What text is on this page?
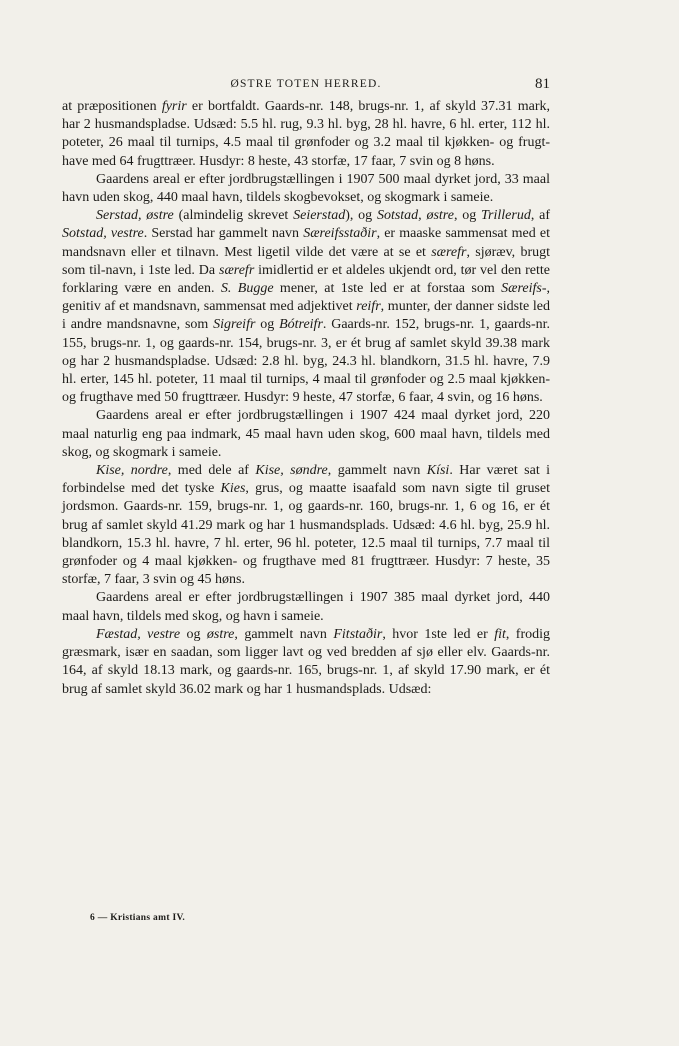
ØSTRE TOTEN HERRED.	81

at præpositionen fyrir er bortfaldt. Gaards-nr. 148, brugs-nr. 1, af skyld 37.31 mark, har 2 husmandspladse. Udsæd: 5.5 hl. rug, 9.3 hl. byg, 28 hl. havre, 6 hl. erter, 112 hl. poteter, 26 maal til turnips, 4.5 maal til grønfoder og 3.2 maal til kjøkken- og frugt-have med 64 frugttræer. Husdyr: 8 heste, 43 storfæ, 17 faar, 7 svin og 8 høns.

Gaardens areal er efter jordbrugstællingen i 1907 500 maal dyrket jord, 33 maal havn uden skog, 440 maal havn, tildels skogbevokset, og skogmark i sameie.

Serstad, østre (almindelig skrevet Seierstad), og Sotstad, østre, og Trillerud, af Sotstad, vestre. Serstad har gammelt navn Særeifsstaðir, er maaske sammensat med et mandsnavn eller et tilnavn. Mest ligetil vilde det være at se et særefr, sjøræv, brugt som til-navn, i 1ste led. Da særefr imidlertid er et aldeles ukjendt ord, tør vel den rette forklaring være en anden. S. Bugge mener, at 1ste led er at forstaa som Særeifs-, genitiv af et mandsnavn, sammensat med adjektivet reifr, munter, der danner sidste led i andre mandsnavne, som Sigreifr og Bótreifr. Gaards-nr. 152, brugs-nr. 1, gaards-nr. 155, brugs-nr. 1, og gaards-nr. 154, brugs-nr. 3, er ét brug af samlet skyld 39.38 mark og har 2 husmandspladse. Udsæd: 2.8 hl. byg, 24.3 hl. blandkorn, 31.5 hl. havre, 7.9 hl. erter, 145 hl. poteter, 11 maal til turnips, 4 maal til grønfoder og 2.5 maal kjøkken- og frugthave med 50 frugttræer. Husdyr: 9 heste, 47 storfæ, 6 faar, 4 svin, og 16 høns.

Gaardens areal er efter jordbrugstællingen i 1907 424 maal dyrket jord, 220 maal naturlig eng paa indmark, 45 maal havn uden skog, 600 maal havn, tildels med skog, og skogmark i sameie.

Kise, nordre, med dele af Kise, søndre, gammelt navn Kísi. Har været sat i forbindelse med det tyske Kies, grus, og maatte isaafald som navn sigte til gruset jordsmon. Gaards-nr. 159, brugs-nr. 1, og gaards-nr. 160, brugs-nr. 1, 6 og 16, er ét brug af samlet skyld 41.29 mark og har 1 husmandsplads. Udsæd: 4.6 hl. byg, 25.9 hl. blandkorn, 15.3 hl. havre, 7 hl. erter, 96 hl. poteter, 12.5 maal til turnips, 7.7 maal til grønfoder og 4 maal kjøkken- og frugthave med 81 frugttræer. Husdyr: 7 heste, 35 storfæ, 7 faar, 3 svin og 45 høns.

Gaardens areal er efter jordbrugstællingen i 1907 385 maal dyrket jord, 440 maal havn, tildels med skog, og havn i sameie.

Fæstad, vestre og østre, gammelt navn Fitstaðir, hvor 1ste led er fit, frodig græsmark, især en saadan, som ligger lavt og ved bredden af sjø eller elv. Gaards-nr. 164, af skyld 18.13 mark, og gaards-nr. 165, brugs-nr. 1, af skyld 17.90 mark, er ét brug af samlet skyld 36.02 mark og har 1 husmandsplads. Udsæd:

6 — Kristians amt IV.
